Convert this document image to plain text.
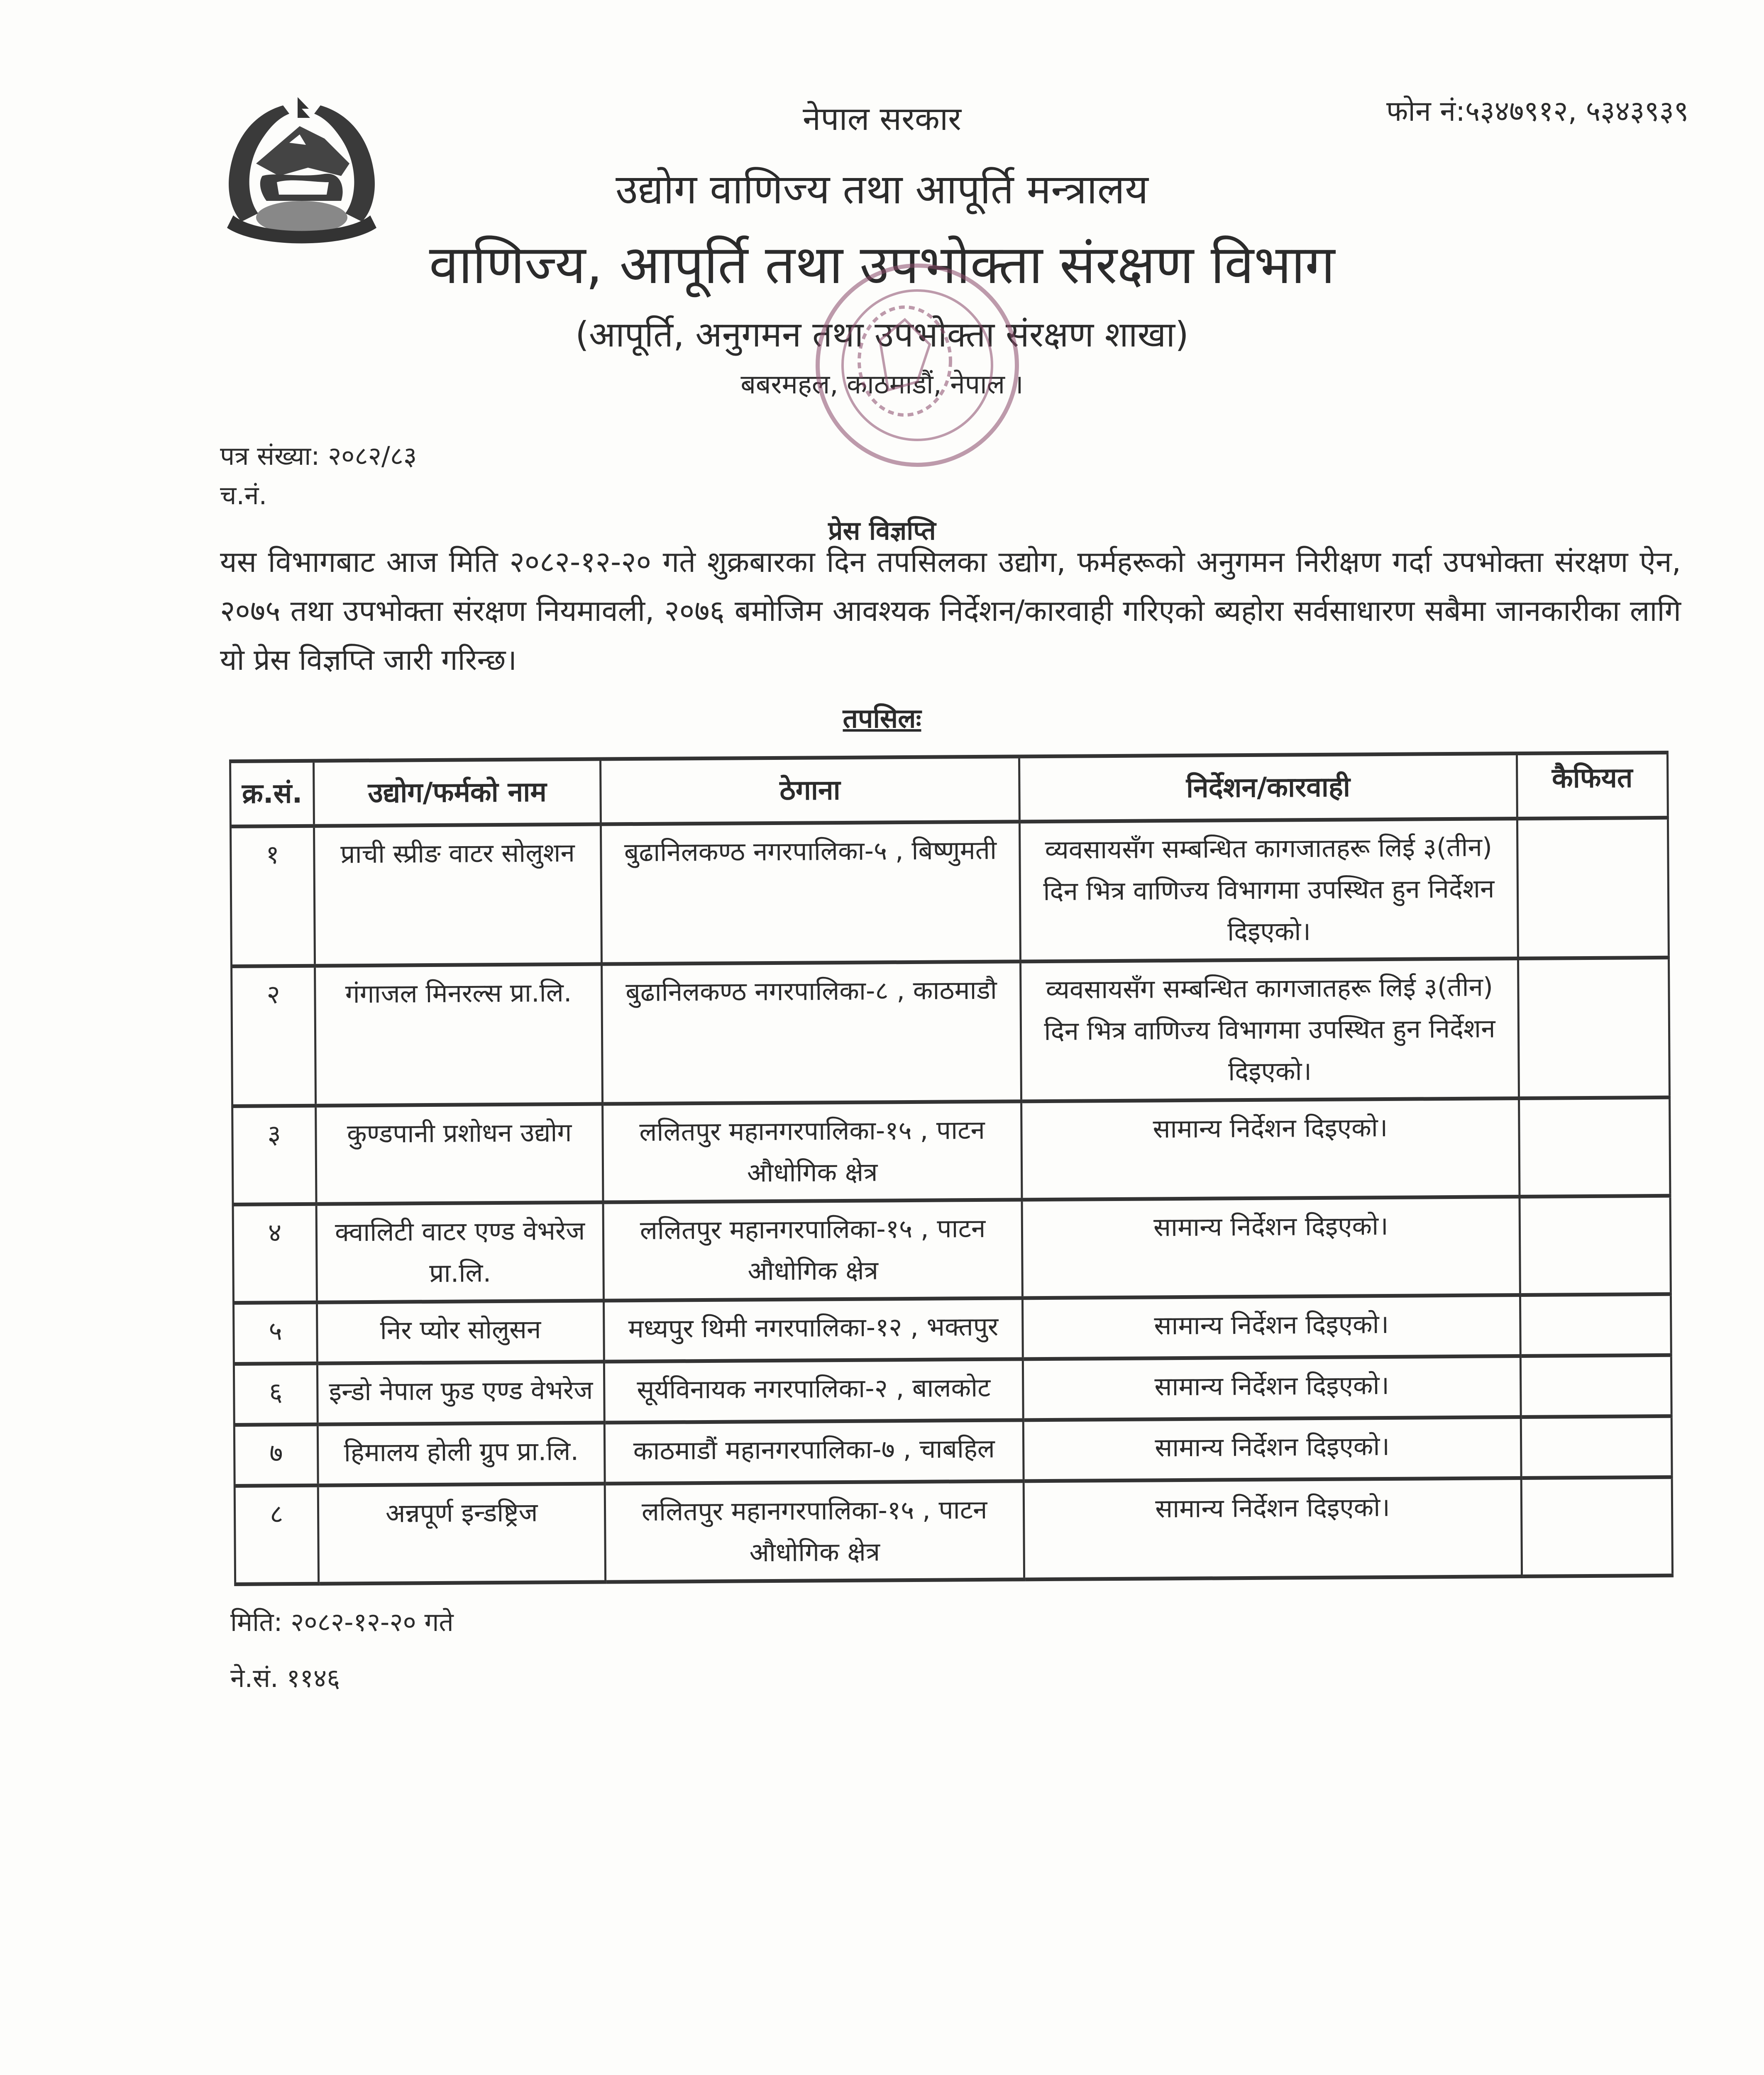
नेपाल सरकार
उद्योग वाणिज्य तथा आपूर्ति मन्त्रालय
वाणिज्य, आपूर्ति तथा उपभोक्ता संरक्षण विभाग
(आपूर्ति, अनुगमन तथा उपभोक्ता संरक्षण शाखा)
बबरमहल, काठमाडौं, नेपाल ।
फोन नं:५३४७९१२, ५३४३९३९
पत्र संख्या: २०८२/८३
च.नं.
प्रेस विज्ञप्ति
यस विभागबाट आज मिति २०८२-१२-२० गते शुक्रबारका दिन तपसिलका उद्योग, फर्महरूको अनुगमन निरीक्षण गर्दा उपभोक्ता संरक्षण ऐन, २०७५ तथा उपभोक्ता संरक्षण नियमावली, २०७६ बमोजिम आवश्यक निर्देशन/कारवाही गरिएको ब्यहोरा सर्वसाधारण सबैमा जानकारीका लागि यो प्रेस विज्ञप्ति जारी गरिन्छ।
तपसिलः
क्र.सं.	उद्योग/फर्मको नाम	ठेगाना	निर्देशन/कारवाही	कैफियत
१	प्राची स्प्रीङ वाटर सोलुशन	बुढानिलकण्ठ नगरपालिका-५ , बिष्णुमती	व्यवसायसँग सम्बन्धित कागजातहरू लिई ३(तीन) दिन भित्र वाणिज्य विभागमा उपस्थित हुन निर्देशन दिइएको।	
२	गंगाजल मिनरल्स प्रा.लि.	बुढानिलकण्ठ नगरपालिका-८ , काठमाडौ	व्यवसायसँग सम्बन्धित कागजातहरू लिई ३(तीन) दिन भित्र वाणिज्य विभागमा उपस्थित हुन निर्देशन दिइएको।	
३	कुण्डपानी प्रशोधन उद्योग	ललितपुर महानगरपालिका-१५ , पाटन औधोगिक क्षेत्र	सामान्य निर्देशन दिइएको।	
४	क्वालिटी वाटर एण्ड वेभरेज प्रा.लि.	ललितपुर महानगरपालिका-१५ , पाटन औधोगिक क्षेत्र	सामान्य निर्देशन दिइएको।	
५	निर प्योर सोलुसन	मध्यपुर थिमी नगरपालिका-१२ , भक्तपुर	सामान्य निर्देशन दिइएको।	
६	इन्डो नेपाल फुड एण्ड वेभरेज	सूर्यविनायक नगरपालिका-२ , बालकोट	सामान्य निर्देशन दिइएको।	
७	हिमालय होली ग्रुप प्रा.लि.	काठमाडौं महानगरपालिका-७ , चाबहिल	सामान्य निर्देशन दिइएको।	
८	अन्नपूर्ण इन्डष्ट्रिज	ललितपुर महानगरपालिका-१५ , पाटन औधोगिक क्षेत्र	सामान्य निर्देशन दिइएको।	
मिति: २०८२-१२-२० गते
ने.सं. ११४६
